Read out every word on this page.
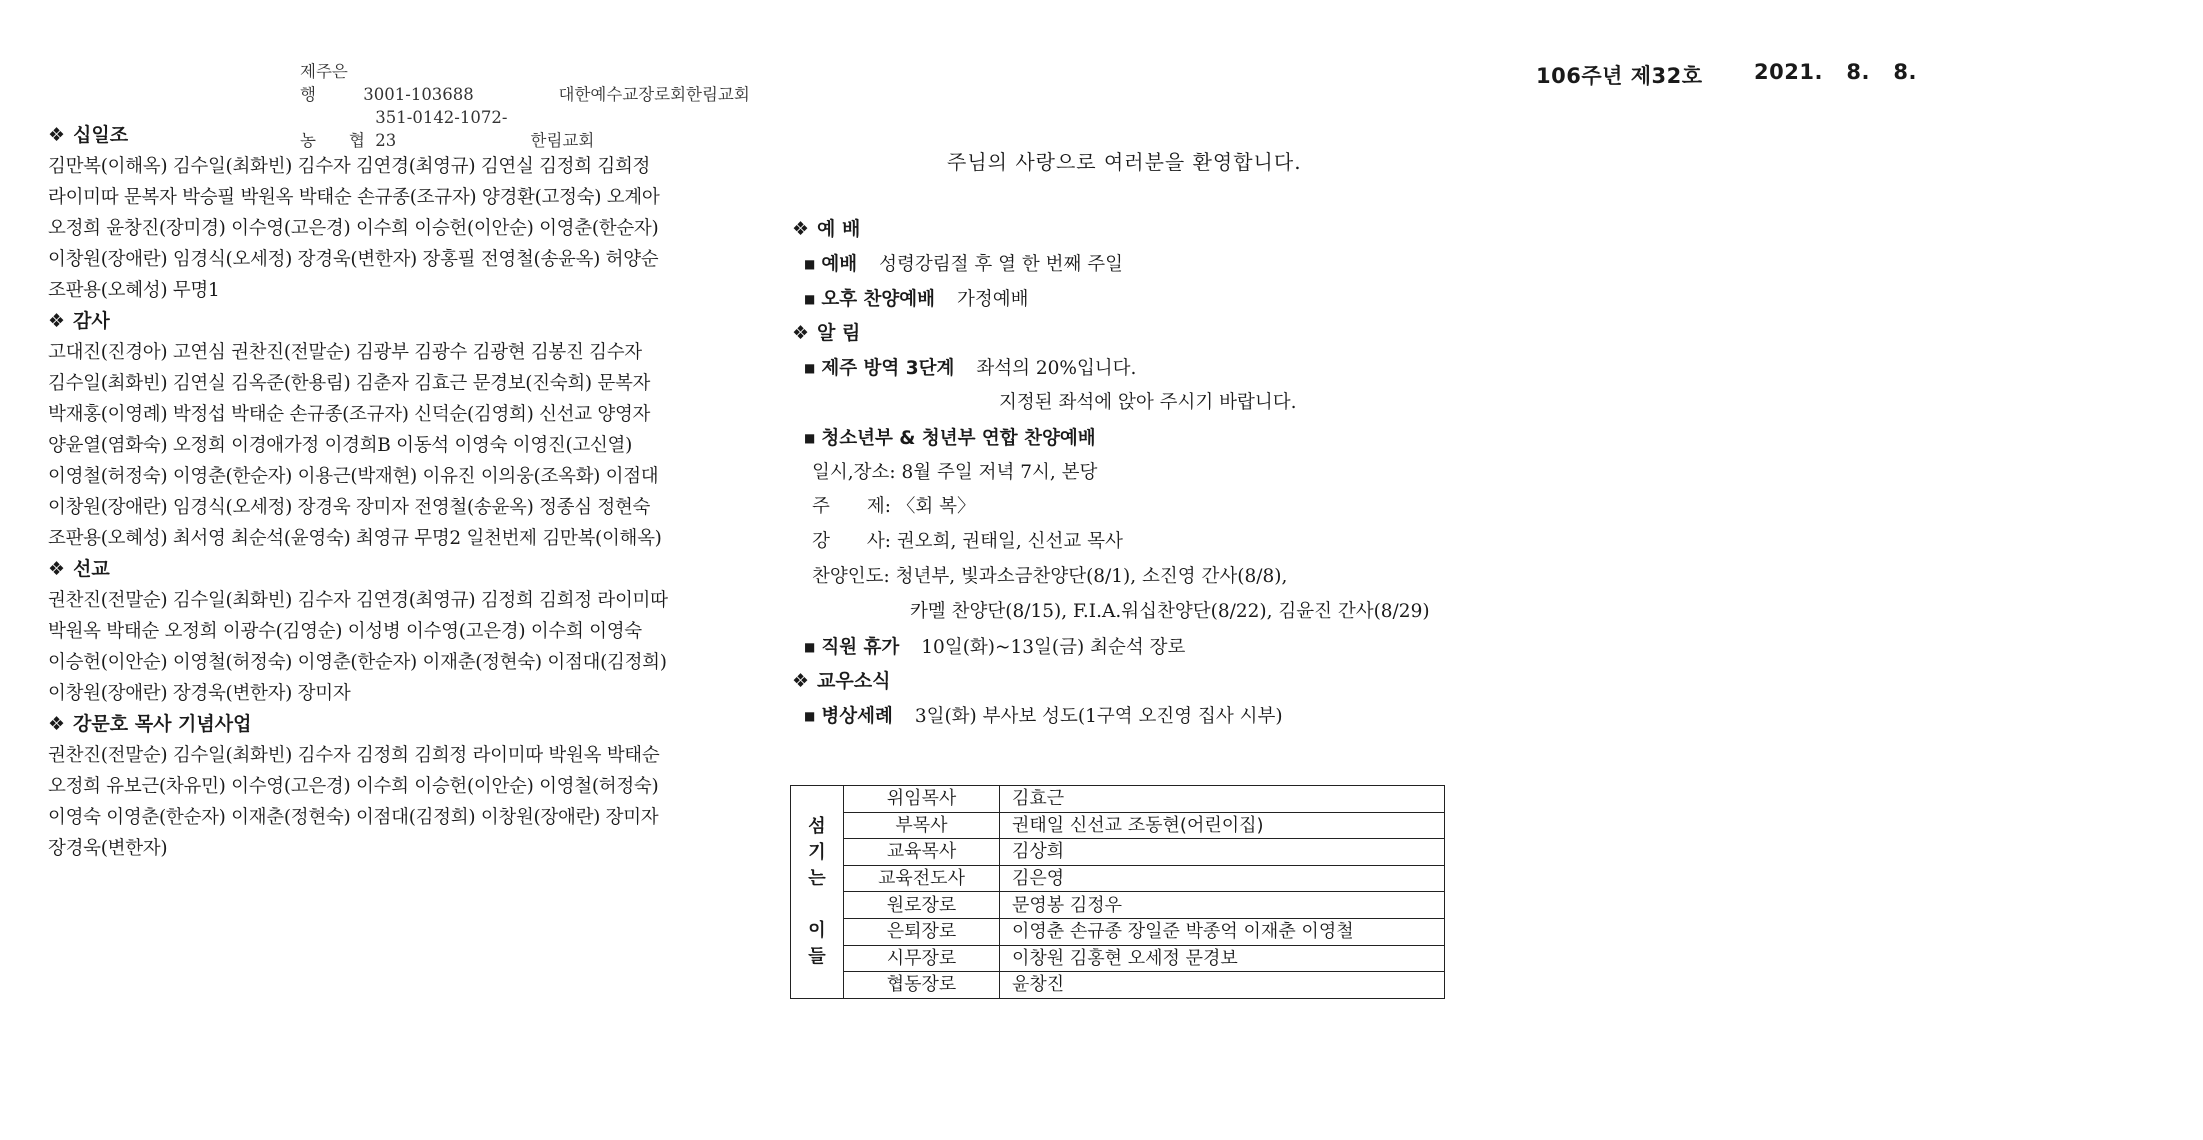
제주은행	3001-103688	대한예수교장로회한림교회
농　　협 351-0142-1072-23	한림교회
106주년 제32호 2021.   8.   8.
❖ 십일조
김만복(이해옥) 김수일(최화빈) 김수자 김연경(최영규) 김연실 김정희 김희정
라이미따 문복자 박승필 박원옥 박태순 손규종(조규자) 양경환(고정숙) 오계아
오정희 윤창진(장미경) 이수영(고은경) 이수희 이승헌(이안순) 이영춘(한순자)
이창원(장애란) 임경식(오세정) 장경욱(변한자) 장홍필 전영철(송윤옥) 허양순
조판용(오혜성) 무명1
❖ 감사
고대진(진경아) 고연심 권찬진(전말순) 김광부 김광수 김광현 김봉진 김수자
김수일(최화빈) 김연실 김옥준(한용림) 김춘자 김효근 문경보(진숙희) 문복자
박재홍(이영례) 박정섭 박태순 손규종(조규자) 신덕순(김영희) 신선교 양영자
양윤열(염화숙) 오정희 이경애가정 이경희B 이동석 이영숙 이영진(고신열)
이영철(허정숙) 이영춘(한순자) 이용근(박재현) 이유진 이의웅(조옥화) 이점대
이창원(장애란) 임경식(오세정) 장경욱 장미자 전영철(송윤옥) 정종심 정현숙
조판용(오혜성) 최서영 최순석(윤영숙) 최영규 무명2 일천번제 김만복(이해옥)
❖ 선교
권찬진(전말순) 김수일(최화빈) 김수자 김연경(최영규) 김정희 김희정 라이미따
박원옥 박태순 오정희 이광수(김영순) 이성병 이수영(고은경) 이수희 이영숙
이승헌(이안순) 이영철(허정숙) 이영춘(한순자) 이재춘(정현숙) 이점대(김정희)
이창원(장애란) 장경욱(변한자) 장미자
❖ 강문호 목사 기념사업
권찬진(전말순) 김수일(최화빈) 김수자 김정희 김희정 라이미따 박원옥 박태순
오정희 유보근(차유민) 이수영(고은경) 이수희 이승헌(이안순) 이영철(허정숙)
이영숙 이영춘(한순자) 이재춘(정현숙) 이점대(김정희) 이창원(장애란) 장미자
장경욱(변한자)
주님의 사랑으로 여러분을 환영합니다.
❖ 예 배
■ 예배 성령강림절 후 열 한 번째 주일
■ 오후 찬양예배 가정예배
❖ 알 림
■ 제주 방역 3단계 좌석의 20%입니다.
지정된 좌석에 앉아 주시기 바랍니다.
■ 청소년부 & 청년부 연합 찬양예배
일시,장소: 8월 주일 저녁 7시, 본당
주　　제: 〈회 복〉
강　　사: 권오희, 권태일, 신선교 목사
찬양인도: 청년부, 빛과소금찬양단(8/1), 소진영 간사(8/8),
카멜 찬양단(8/15), F.I.A.워십찬양단(8/22), 김윤진 간사(8/29)
■ 직원 휴가 10일(화)~13일(금) 최순석 장로
❖ 교우소식
■ 병상세례 3일(화) 부사보 성도(1구역 오진영 집사 시부)
섬
기
는
이
들	위임목사	김효근
	부목사	권태일 신선교 조동현(어린이집)
	교육목사	김상희
	교육전도사	김은영
	원로장로	문영봉 김정우
	은퇴장로	이영춘 손규종 장일준 박종억 이재춘 이영철
	시무장로	이창원 김홍현 오세정 문경보
	협동장로	윤창진
